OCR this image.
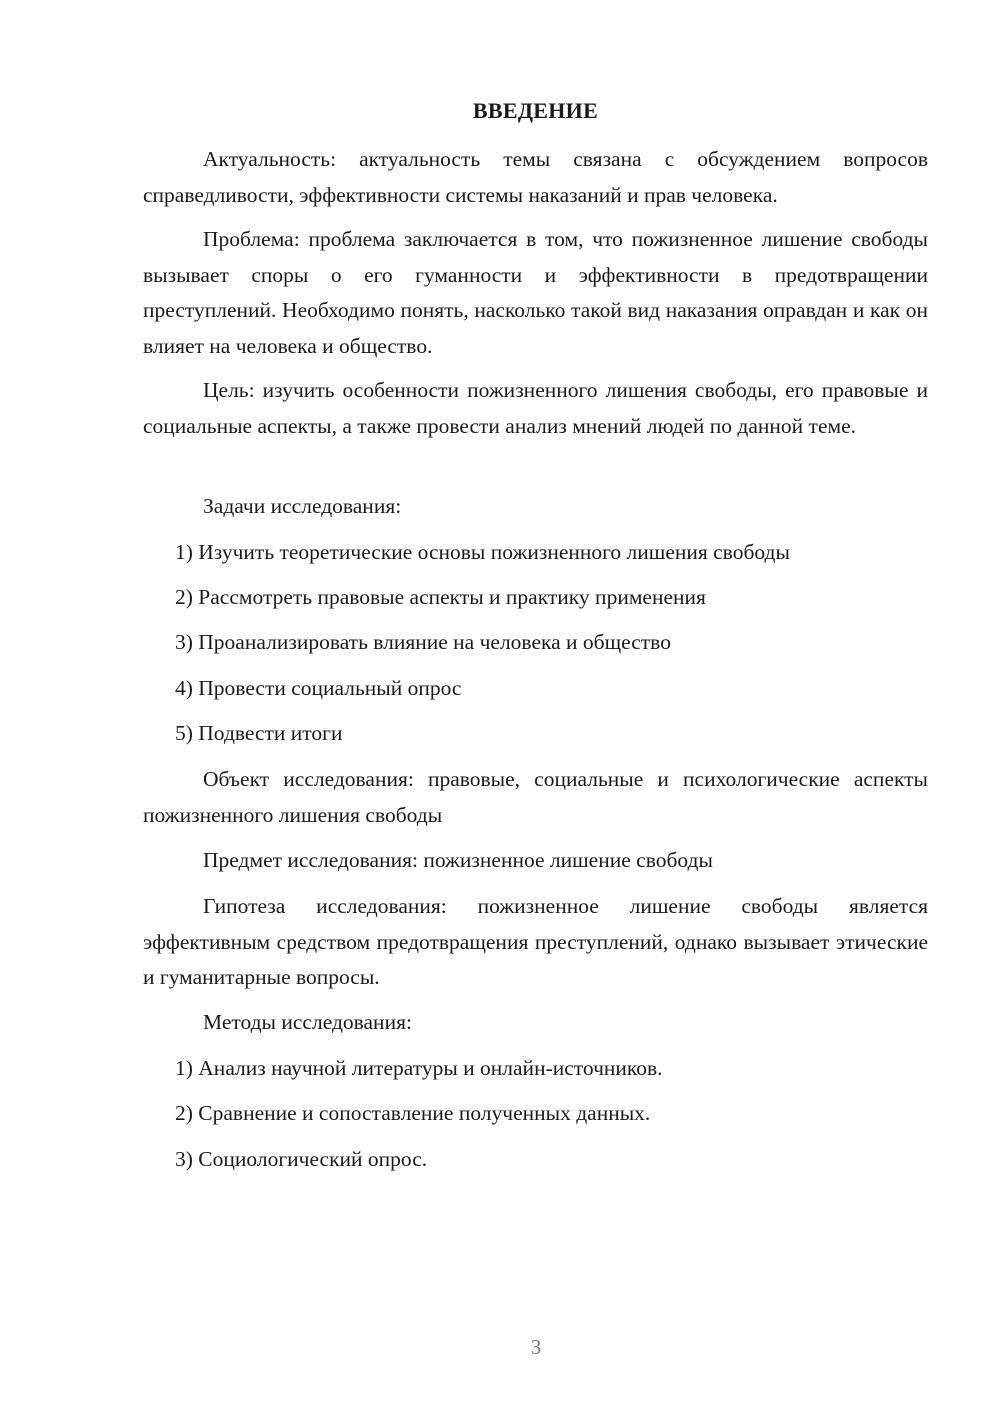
ВВЕДЕНИЕ

Актуальность: актуальность темы связана с обсуждением вопросов справедливости, эффективности системы наказаний и прав человека.

Проблема: проблема заключается в том, что пожизненное лишение свободы вызывает споры о его гуманности и эффективности в предотвращении преступлений. Необходимо понять, насколько такой вид наказания оправдан и как он влияет на человека и общество.

Цель: изучить особенности пожизненного лишения свободы, его правовые и социальные аспекты, а также провести анализ мнений людей по данной теме.

Задачи исследования:

1) Изучить теоретические основы пожизненного лишения свободы

2) Рассмотреть правовые аспекты и практику применения

3) Проанализировать влияние на человека и общество

4) Провести социальный опрос

5) Подвести итоги

Объект исследования: правовые, социальные и психологические аспекты пожизненного лишения свободы

Предмет исследования: пожизненное лишение свободы

Гипотеза исследования: пожизненное лишение свободы является эффективным средством предотвращения преступлений, однако вызывает этические и гуманитарные вопросы.

Методы исследования:

1) Анализ научной литературы и онлайн-источников.

2) Сравнение и сопоставление полученных данных.

3) Социологический опрос.

3
